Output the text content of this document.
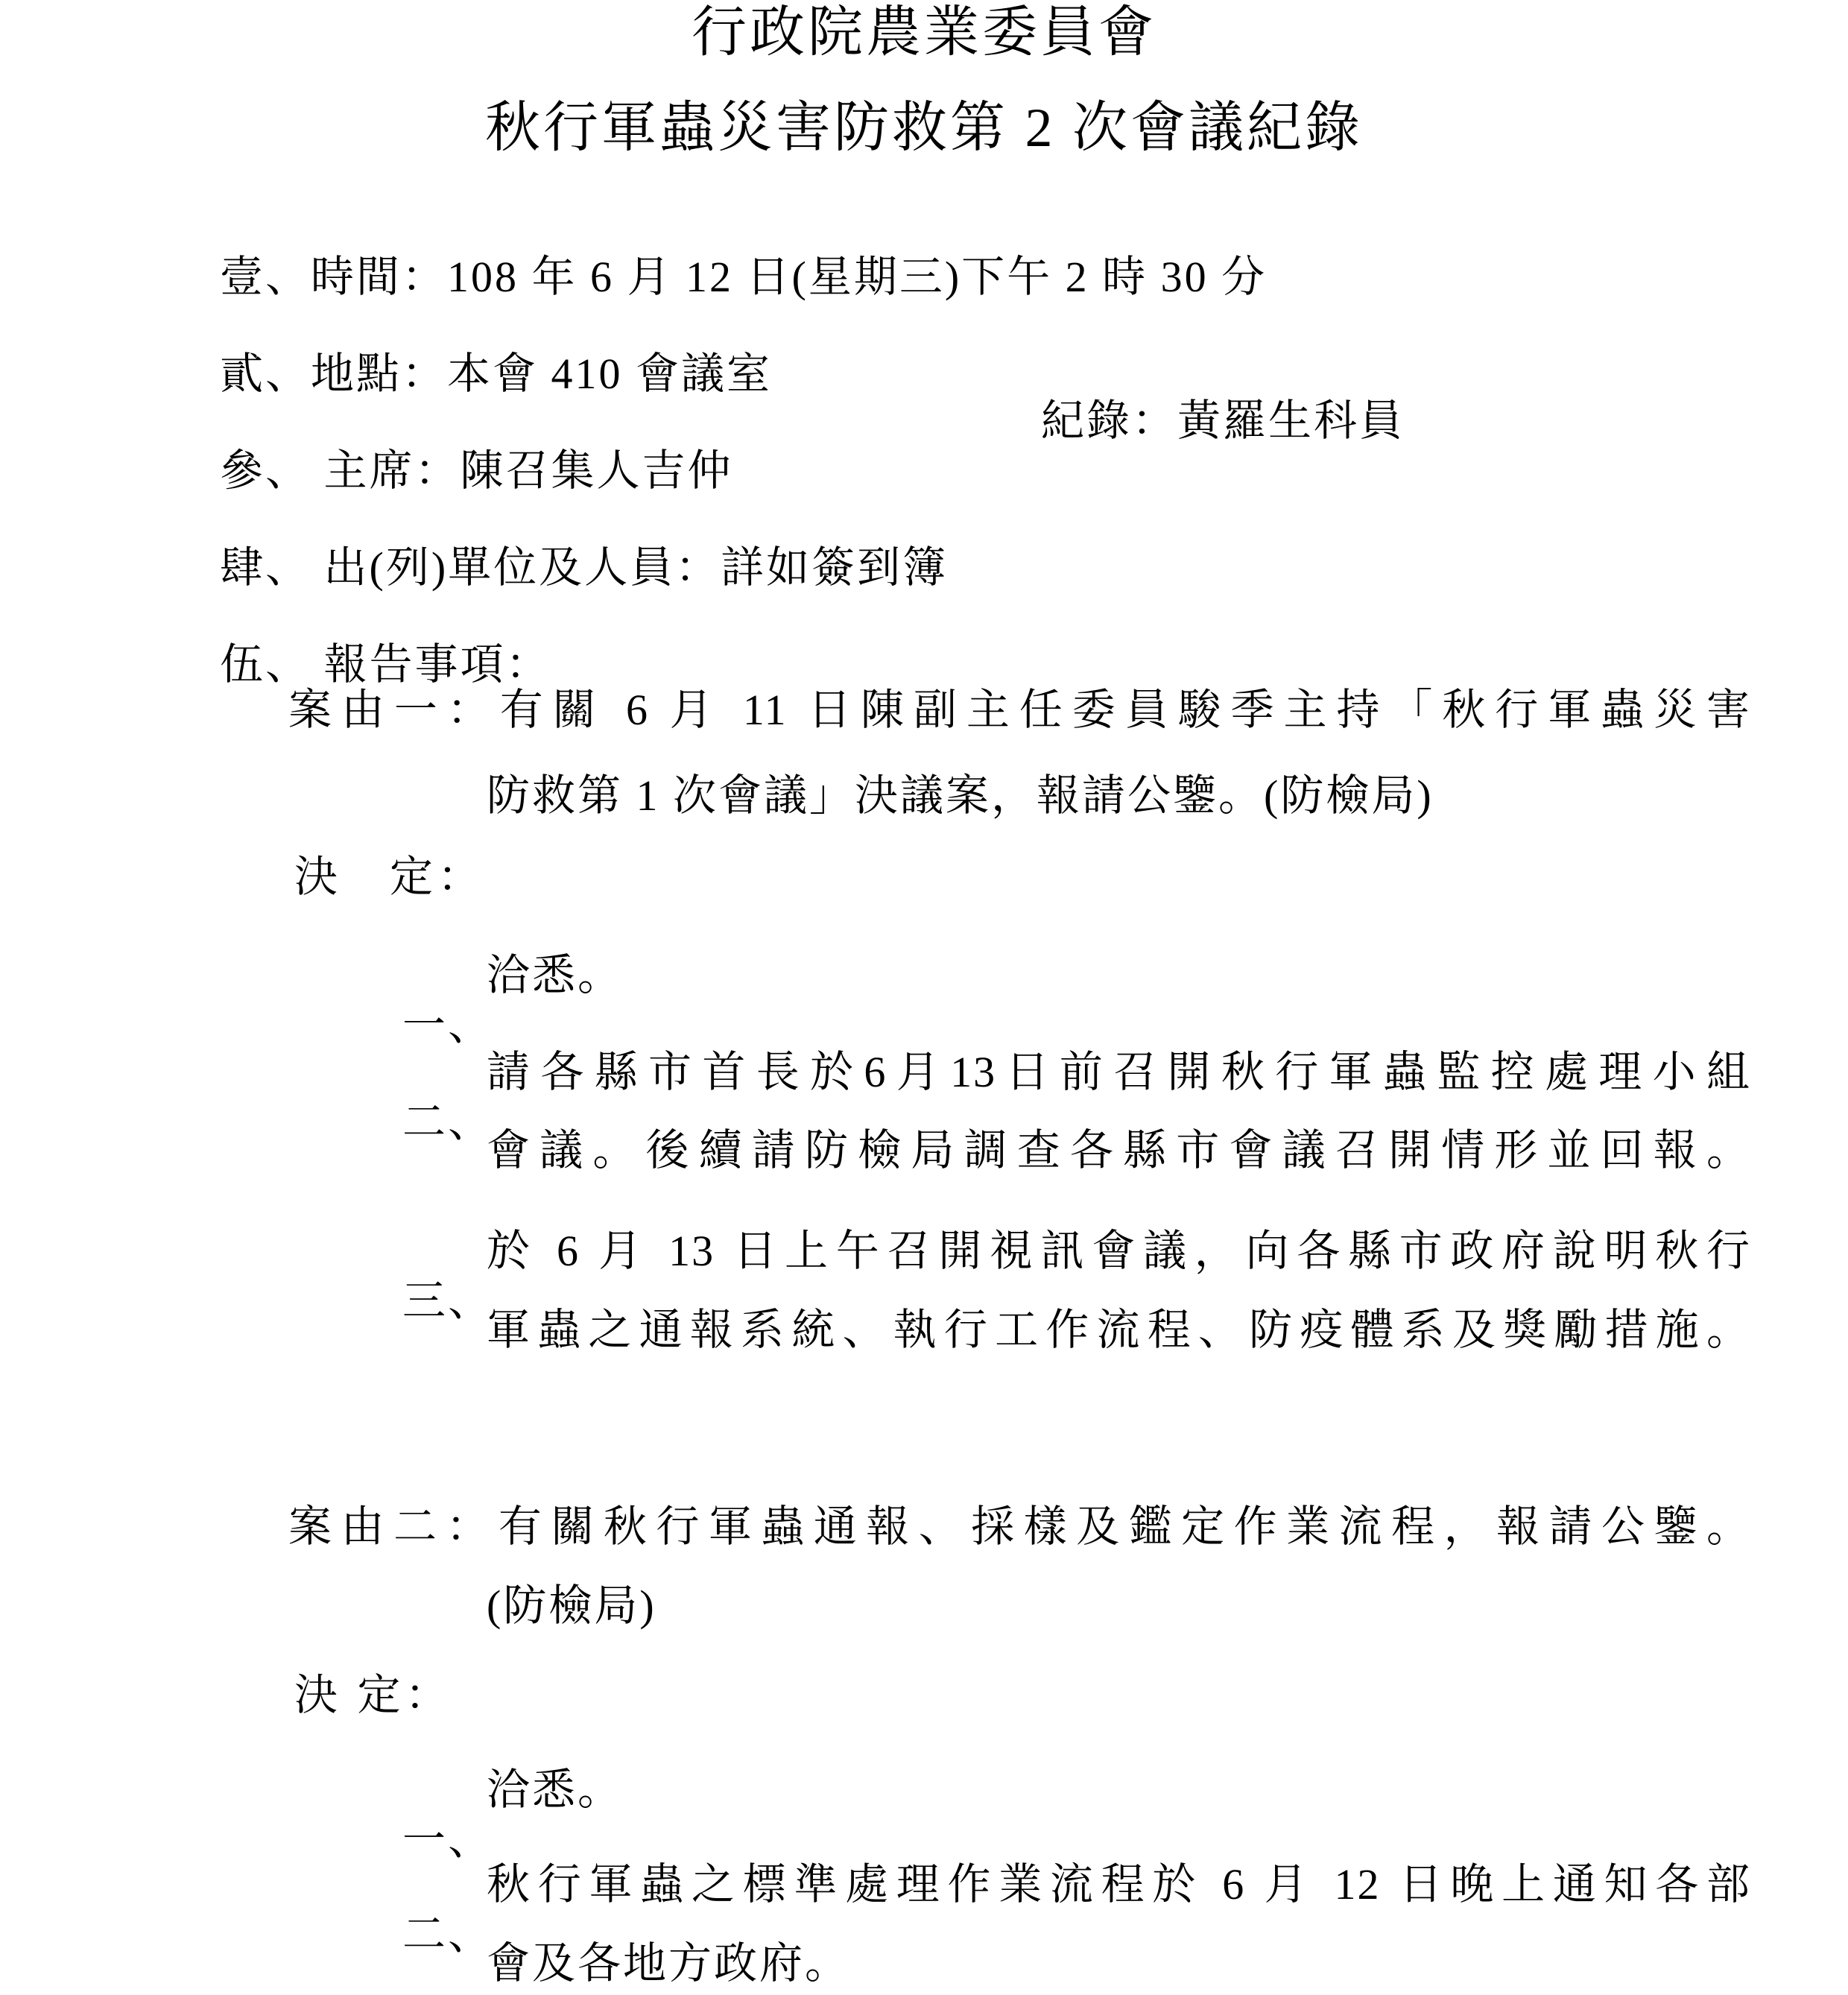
行政院農業委員會
秋行軍蟲災害防救第 2 次會議紀錄

壹、時間：108 年 6 月 12 日(星期三)下午 2 時 30 分

貳、地點：本會 410 會議室

參、 主席：陳召集人吉仲

紀錄：黃羅生科員

肆、 出(列)單位及人員：詳如簽到簿

伍、 報告事項：

案由一：有關 6 月 11 日陳副主任委員駿季主持「秋行軍蟲災害
防救第 1 次會議」決議案，報請公鑒。(防檢局)
決　定：

一、

洽悉。

二、

請各縣市首長於6月13日前召開秋行軍蟲監控處理小組

會議。後續請防檢局調查各縣市會議召開情形並回報。

三、

於 6 月 13 日上午召開視訊會議，向各縣市政府說明秋行

軍蟲之通報系統、執行工作流程、防疫體系及獎勵措施。
案由二：有關秋行軍蟲通報、採樣及鑑定作業流程，報請公鑒。
(防檢局)
決 定：

一、

洽悉。

二、

秋行軍蟲之標準處理作業流程於 6 月 12 日晚上通知各部

會及各地方政府。
